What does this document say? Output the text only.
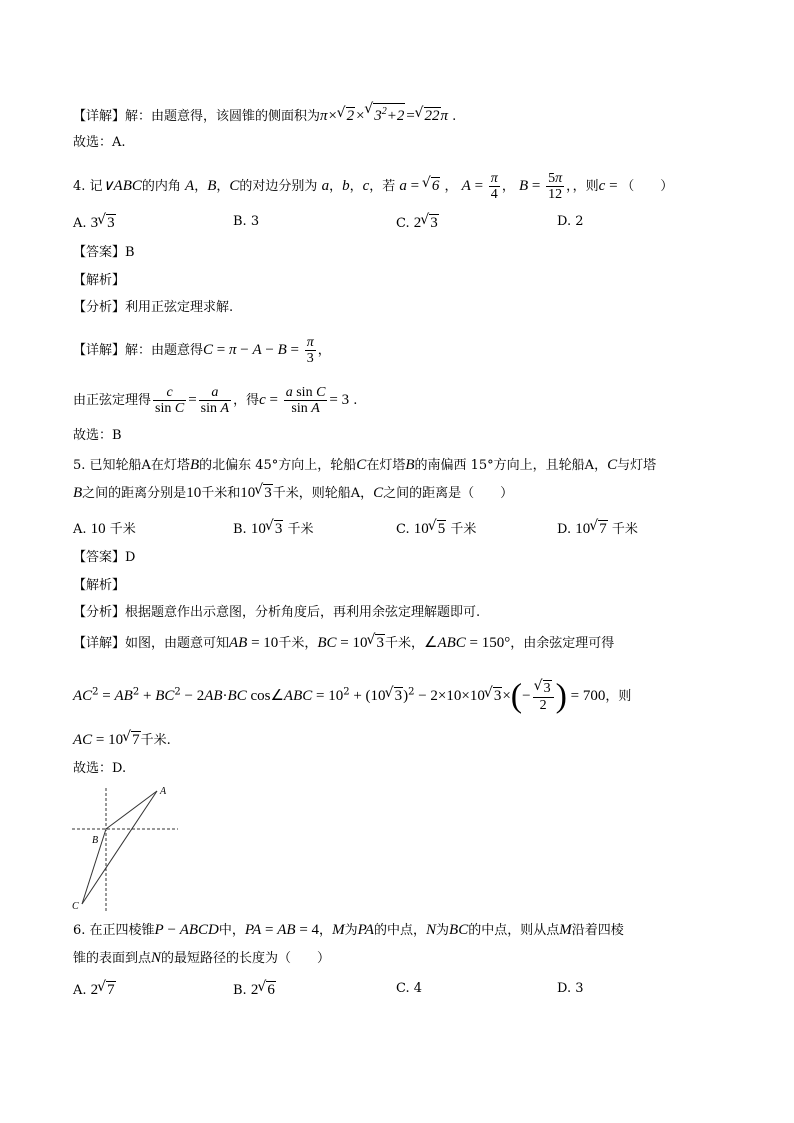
【详解】解：由题意得，该圆锥的侧面积为π×√ 2×√ $3^2+2=√$ 22π .
故选：A.
4. 记∨ABC的内角 A，B，C的对边分别为 a，b，c，若 a = √ 6 ， $A = \frac{\pi}{4}$ ， $B = \frac{5\pi}{12}$ ，，则c = （　　）
A. 3√ 3	B. 3	C. 2√ 3	D. 2
【答案】B
【解析】
【分析】利用正弦定理求解.
【详解】解：由题意得$C = \pi - A - B = \frac{\pi}{3}$ ，
由正弦定理得 $\frac{c}{\text{sin C}} = \frac{a}{\text{sin A}}$ ，得$c = \frac{\text{a sin C}}{\text{sin A}} = 3$ .
故选：B
5. 已知轮船A在灯塔B的北偏东 45°方向上，轮船C在灯塔B的南偏西 15°方向上，且轮船A，C与灯塔
B之间的距离分别是10千米和10√ 3千米，则轮船A，C之间的距离是（　　）
A. 10 千米	B. 10√ 3 千米	C. 10√ 5 千米	D. 10√ 7 千米
【答案】D
【解析】
【分析】根据题意作出示意图，分析角度后，再利用余弦定理解题即可.
【详解】如图，由题意可知AB = 10千米，BC = 10√ 3千米，∠ABC = 150°，由余弦定理可得
$AC^2 = AB^2 + BC^2 - 2AB\cdot BC$ cos∠ABC = $10^2 + (10√$ 3)$^2$ − 2×10×10√ 3×(−
√ $\frac{3}{2}$ ) = 700，则
AC = 10√ 7千米.
故选：D.
A
B
C
6. 在正四棱锥P − ABCD中，PA = AB = 4，M为PA的中点，N为BC的中点，则从点M沿着四棱
锥的表面到点N的最短路径的长度为（　　）
A. 2√ 7	B. 2√ 6	C. 4	D. 3
